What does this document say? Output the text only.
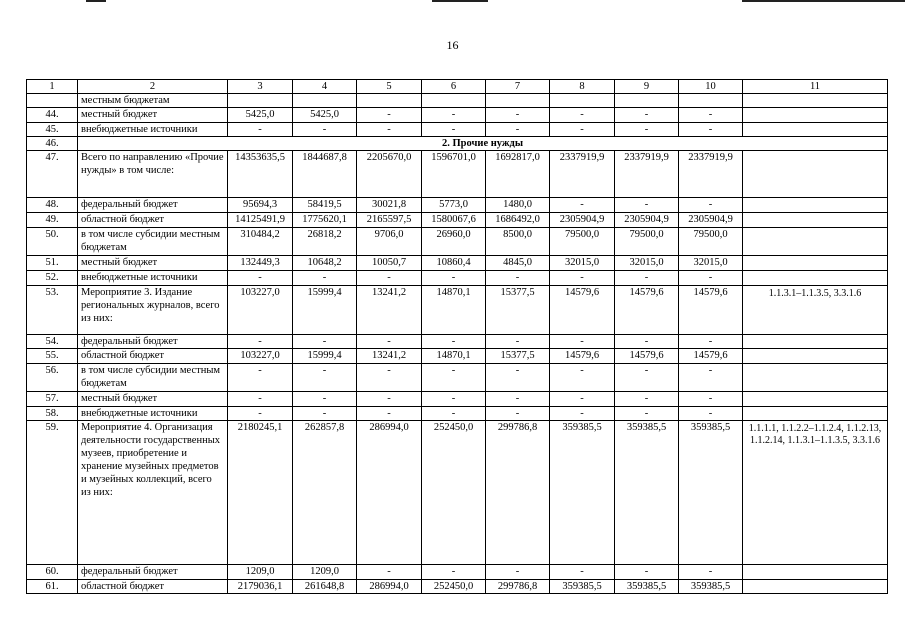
16
1	2	3	4	5	6	7	8	9	10	11
	местным бюджетам									
44.	местный бюджет	5425,0	5425,0	-	-	-	-	-	-	
45.	внебюджетные источники	-	-	-	-	-	-	-	-	
46.	2. Прочие нужды									
47.	Всего по направлению «Прочие нужды» в том числе:	14353635,5	1844687,8	2205670,0	1596701,0	1692817,0	2337919,9	2337919,9	2337919,9	
48.	федеральный бюджет	95694,3	58419,5	30021,8	5773,0	1480,0	-	-	-	
49.	областной бюджет	14125491,9	1775620,1	2165597,5	1580067,6	1686492,0	2305904,9	2305904,9	2305904,9	
50.	в том числе субсидии местным бюджетам	310484,2	26818,2	9706,0	26960,0	8500,0	79500,0	79500,0	79500,0	
51.	местный бюджет	132449,3	10648,2	10050,7	10860,4	4845,0	32015,0	32015,0	32015,0	
52.	внебюджетные источники	-	-	-	-	-	-	-	-	
53.	Мероприятие 3. Издание региональных журналов, всего из них:	103227,0	15999,4	13241,2	14870,1	15377,5	14579,6	14579,6	14579,6	1.1.3.1–1.1.3.5, 3.3.1.6
54.	федеральный бюджет	-	-	-	-	-	-	-	-	
55.	областной бюджет	103227,0	15999,4	13241,2	14870,1	15377,5	14579,6	14579,6	14579,6	
56.	в том числе субсидии местным бюджетам	-	-	-	-	-	-	-	-	
57.	местный бюджет	-	-	-	-	-	-	-	-	
58.	внебюджетные источники	-	-	-	-	-	-	-	-	
59.	Мероприятие 4. Организация деятельности государственных музеев, приобретение и хранение музейных предметов и музейных коллекций, всего из них:	2180245,1	262857,8	286994,0	252450,0	299786,8	359385,5	359385,5	359385,5	1.1.1.1, 1.1.2.2–1.1.2.4, 1.1.2.13, 1.1.2.14, 1.1.3.1–1.1.3.5, 3.3.1.6
60.	федеральный бюджет	1209,0	1209,0	-	-	-	-	-	-	
61.	областной бюджет	2179036,1	261648,8	286994,0	252450,0	299786,8	359385,5	359385,5	359385,5	
